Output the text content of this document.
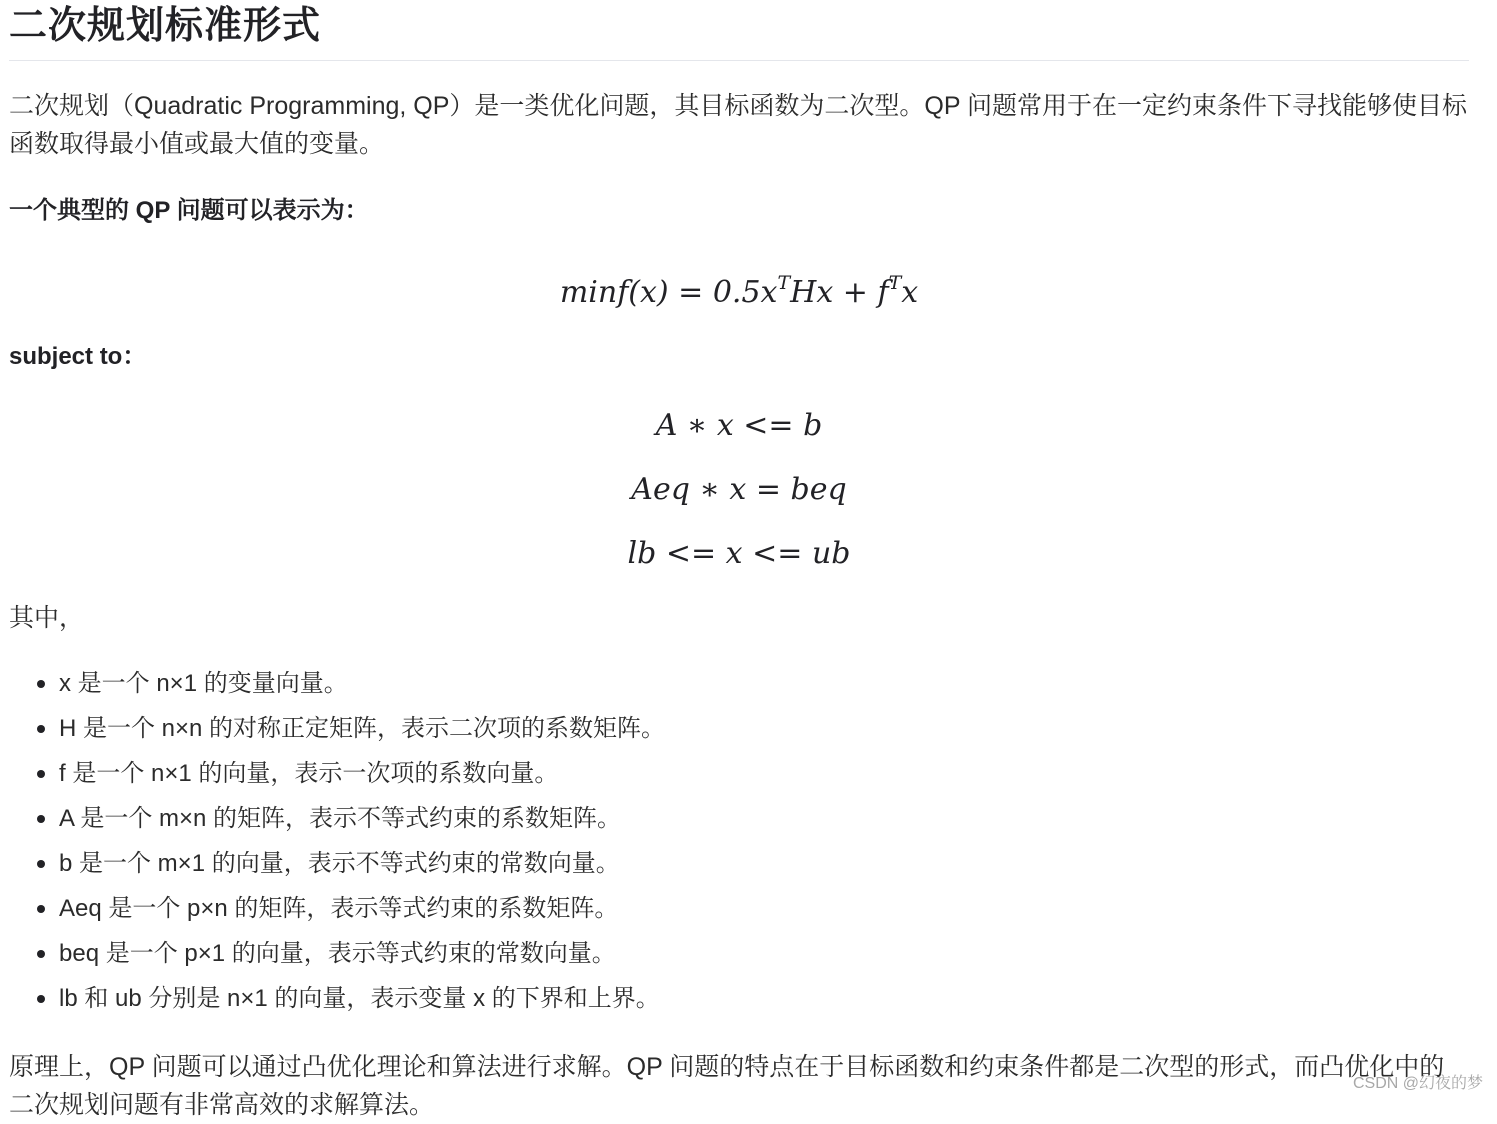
二次规划标准形式

二次规划（Quadratic Programming, QP）是一类优化问题，其目标函数为二次型。QP 问题常用于在一定约束条件下寻找能够使目标函数取得最小值或最大值的变量。

一个典型的 QP 问题可以表示为：

$\min f(x) = 0.5x^THx + f^Tx$

subject to：

A ∗ x <= b
Aeq ∗ x = beq
lb <= x <= ub

其中，

x 是一个 n×1 的变量向量。
H 是一个 n×n 的对称正定矩阵，表示二次项的系数矩阵。
f 是一个 n×1 的向量，表示一次项的系数向量。
A 是一个 m×n 的矩阵，表示不等式约束的系数矩阵。
b 是一个 m×1 的向量，表示不等式约束的常数向量。
Aeq 是一个 p×n 的矩阵，表示等式约束的系数矩阵。
beq 是一个 p×1 的向量，表示等式约束的常数向量。
lb 和 ub 分别是 n×1 的向量，表示变量 x 的下界和上界。

原理上，QP 问题可以通过凸优化理论和算法进行求解。QP 问题的特点在于目标函数和约束条件都是二次型的形式，而凸优化中的二次规划问题有非常高效的求解算法。

CSDN @幻夜的梦
